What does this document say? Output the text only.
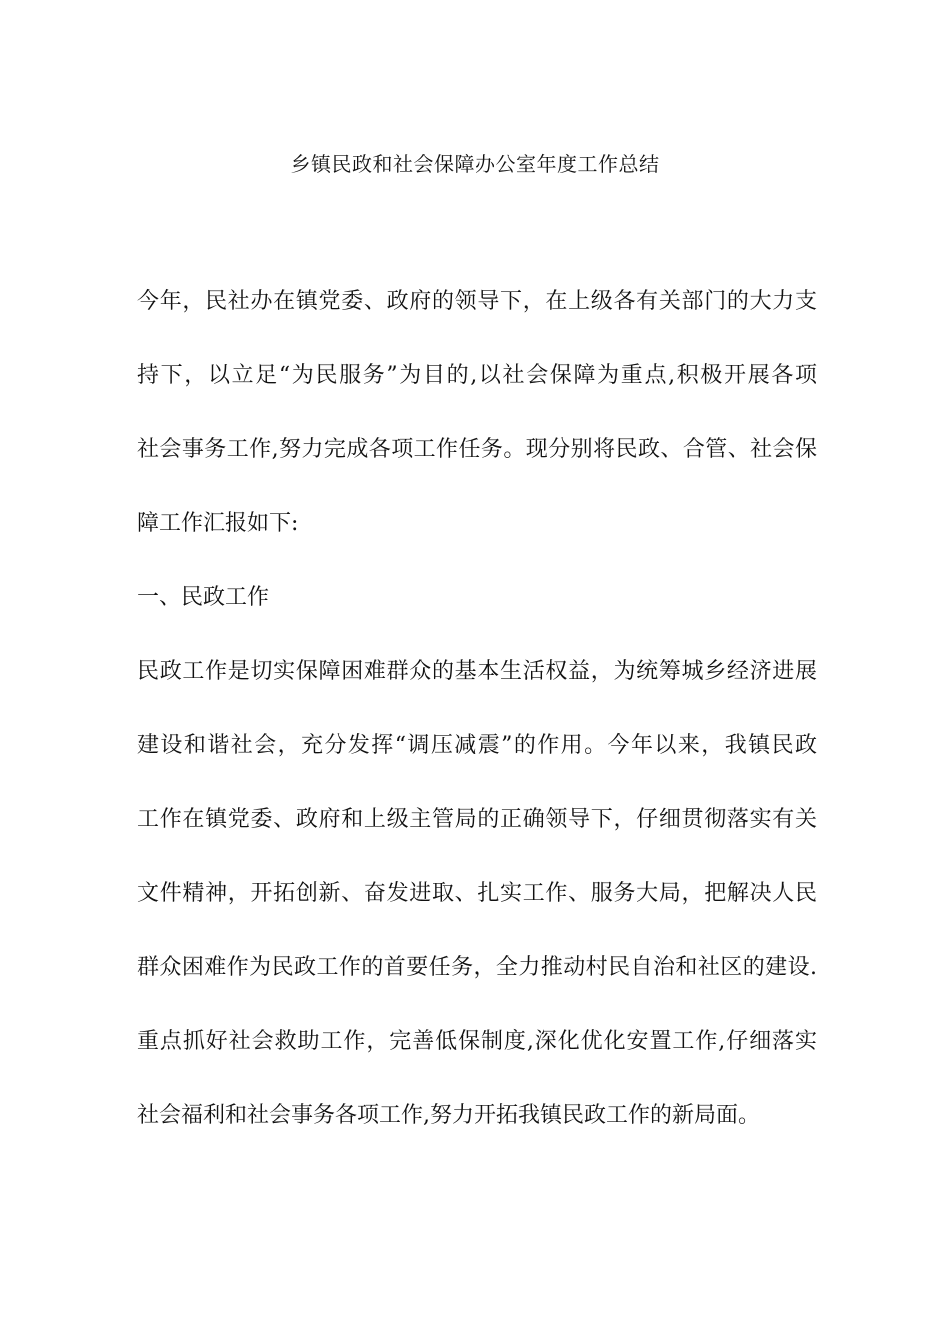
乡镇民政和社会保障办公室年度工作总结
今年，民社办在镇党委、政府的领导下，在上级各有关部门的大力支
持下，以立足“为民服务”为目的,以社会保障为重点,积极开展各项
社会事务工作,努力完成各项工作任务。现分别将民政、合管、社会保
障工作汇报如下:
一、民政工作
民政工作是切实保障困难群众的基本生活权益，为统筹城乡经济进展
建设和谐社会，充分发挥“调压减震”的作用。今年以来，我镇民政
工作在镇党委、政府和上级主管局的正确领导下，仔细贯彻落实有关
文件精神，开拓创新、奋发进取、扎实工作、服务大局，把解决人民
群众困难作为民政工作的首要任务，全力推动村民自治和社区的建设.
重点抓好社会救助工作，完善低保制度,深化优化安置工作,仔细落实
社会福利和社会事务各项工作,努力开拓我镇民政工作的新局面。
